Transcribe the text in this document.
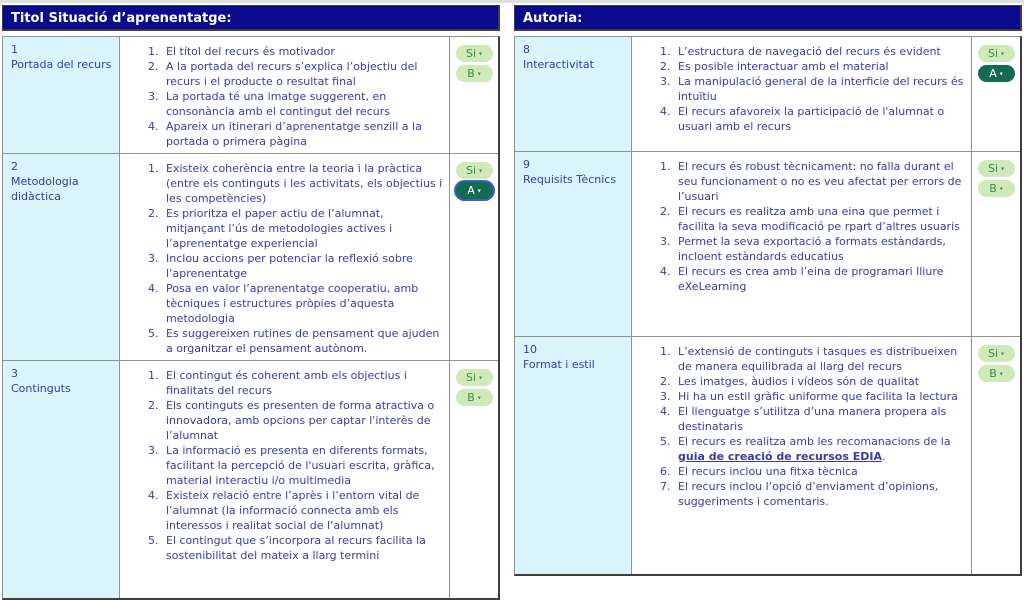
Titol Situació d’aprenentatge:
1
Portada del recurs
1. El títol del recurs és motivador
2. A la portada del recurs s’explica l’objectiu del recurs i el producte o resultat final
3. La portada té una imatge suggerent, en consonància amb el contingut del recurs
4. Apareix un itinerari d’aprenentatge senzill a la portada o primera pàgina
Si ▾
B ▾
2
Metodologia didàctica
1. Existeix coherència entre la teoria i la pràctica (entre els continguts i les activitats, els objectius i les competències)
2. Es prioritza el paper actiu de l’alumnat, mitjançant l’ús de metodologies actives i l’aprenentatge experiencial
3. Inclou accions per potenciar la reflexió sobre l’aprenentatge
4. Posa en valor l’aprenentatge cooperatiu, amb tècniques i estructures pròpies d’aquesta metodologia
5. Es suggereixen rutines de pensament que ajuden a organitzar el pensament autònom.
Si ▾
A ▾
3
Continguts
1. El contingut és coherent amb els objectius i finalitats del recurs
2. Els continguts es presenten de forma atractiva o innovadora, amb opcions per captar l'interès de l’alumnat
3. La informació es presenta en diferents formats, facilitant la percepció de l'usuari escrita, gràfica, material interactiu i/o multimedia
4. Existeix relació entre l’après i l’entorn vital de l’alumnat (la informació connecta amb els interessos i realitat social de l’alumnat)
5. El contingut que s’incorpora al recurs facilita la sostenibilitat del mateix a llarg termini
Si ▾
B ▾
Autoria:
8
Interactivitat
1. L’estructura de navegació del recurs és evident
2. Es posible interactuar amb el material
3. La manipulació general de la interficie del recurs és intuïtiu
4. El recurs afavoreix la participació de l'alumnat o usuari amb el recurs
Si ▾
A ▾
9
Requisits Tècnics
1. El recurs és robust tècnicament: no falla durant el seu funcionament o no es veu afectat per errors de l’usuari
2. El recurs es realitza amb una eina que permet i facilita la seva modificació pe rpart d’altres usuaris
3. Permet la seva exportació a formats estàndards, incloent estàndards educatius
4. El recurs es crea amb l’eina de programari lliure eXeLearning
Si ▾
B ▾
10
Format i estil
1. L’extensió de continguts i tasques es distribueixen de manera equilibrada al llarg del recurs
2. Les imatges, àudios i vídeos són de qualitat
3. Hi ha un estil gràfic uniforme que facilita la lectura
4. El llenguatge s’utilitza d’una manera propera als destinataris
5. El recurs es realitza amb les recomanacions de la guia de creació de recursos EDIA.
6. El recurs inclou una fitxa tècnica
7. El recurs inclou l’opció d’enviament d’opinions, suggeriments i comentaris.
Si ▾
B ▾
